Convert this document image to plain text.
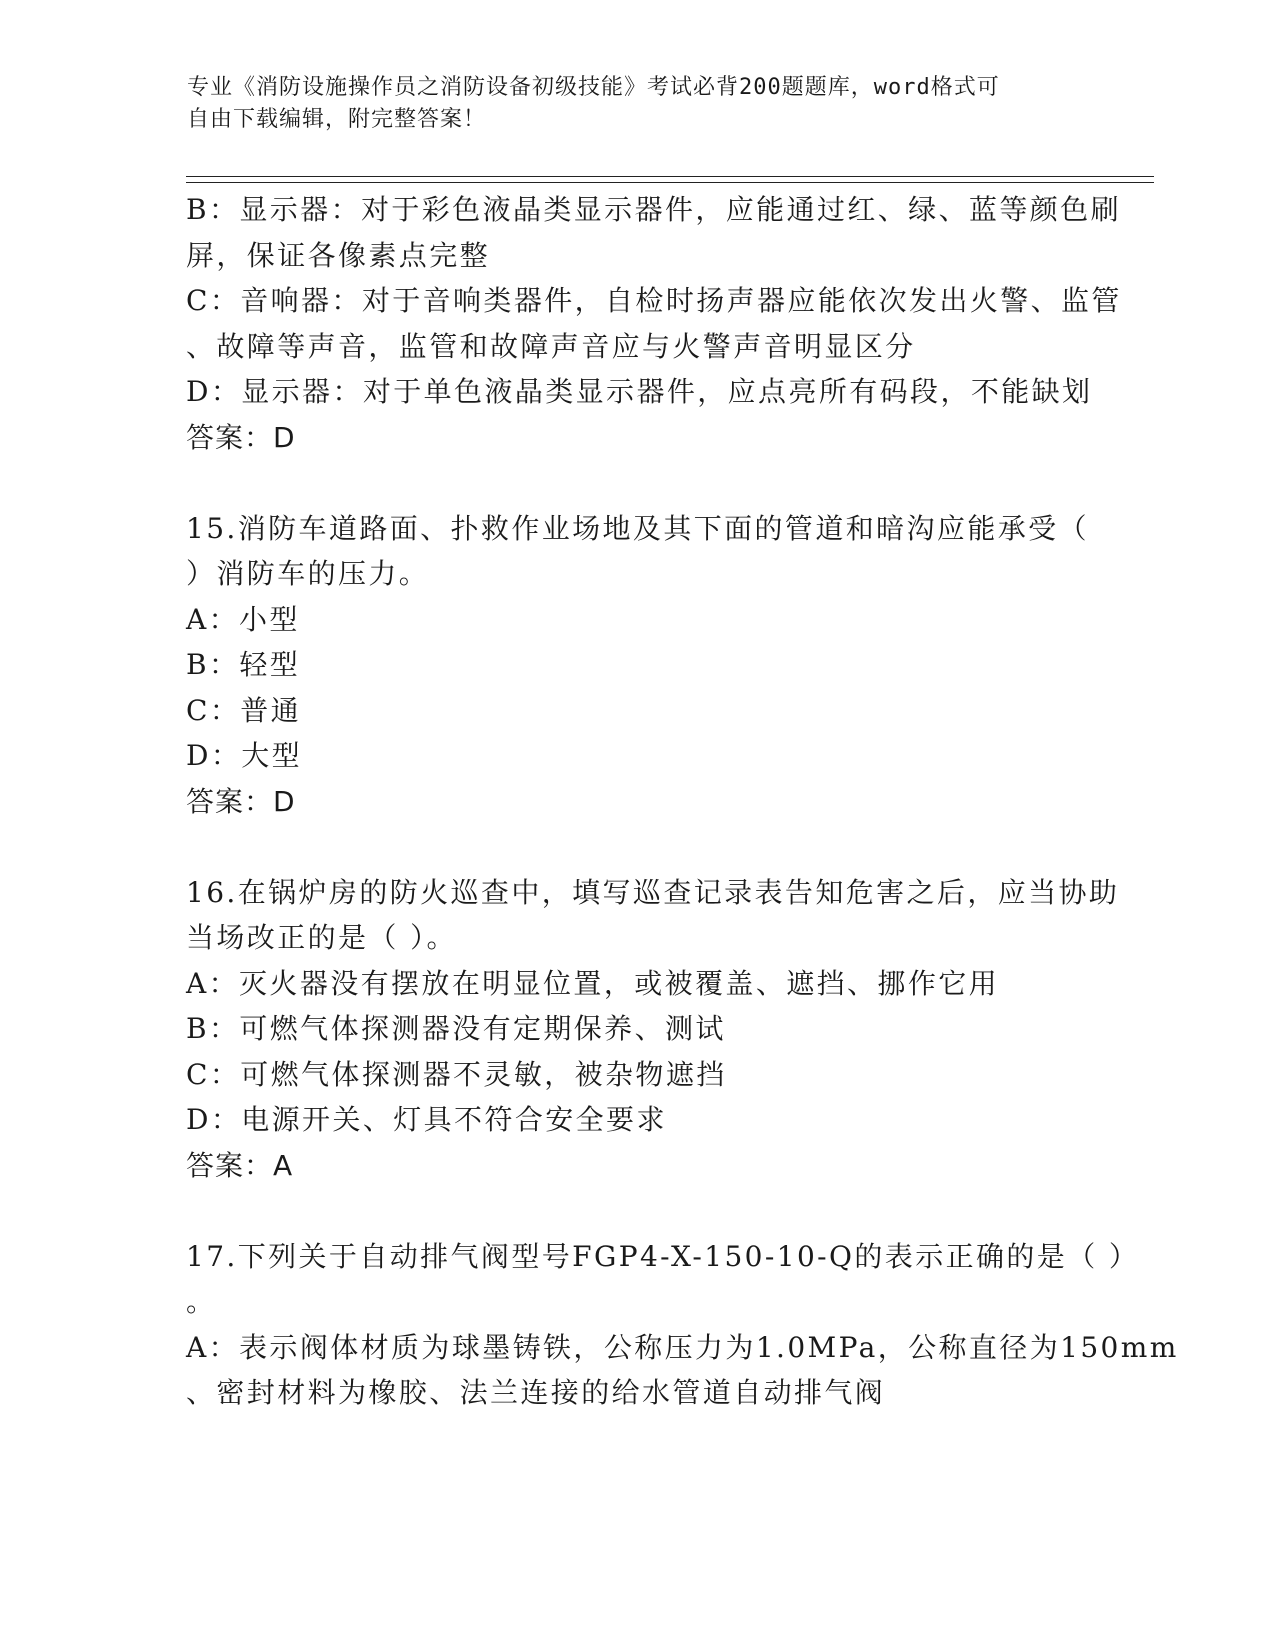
专业《消防设施操作员之消防设备初级技能》考试必背200题题库，word格式可
自由下载编辑，附完整答案！

B：显示器：对于彩色液晶类显示器件，应能通过红、绿、蓝等颜色刷

屏，保证各像素点完整

C：音响器：对于音响类器件，自检时扬声器应能依次发出火警、监管

、故障等声音，监管和故障声音应与火警声音明显区分

D：显示器：对于单色液晶类显示器件，应点亮所有码段，不能缺划

答案：D

15.消防车道路面、扑救作业场地及其下面的管道和暗沟应能承受（

）消防车的压力。

A：小型

B：轻型

C：普通

D：大型

答案：D

16.在锅炉房的防火巡查中，填写巡查记录表告知危害之后，应当协助

当场改正的是（ ）。

A：灭火器没有摆放在明显位置，或被覆盖、遮挡、挪作它用

B：可燃气体探测器没有定期保养、测试

C：可燃气体探测器不灵敏，被杂物遮挡

D：电源开关、灯具不符合安全要求

答案：A

17.下列关于自动排气阀型号FGP4-X-150-10-Q的表示正确的是（ ）

。

A：表示阀体材质为球墨铸铁，公称压力为1.0MPa，公称直径为150mm

、密封材料为橡胶、法兰连接的给水管道自动排气阀
